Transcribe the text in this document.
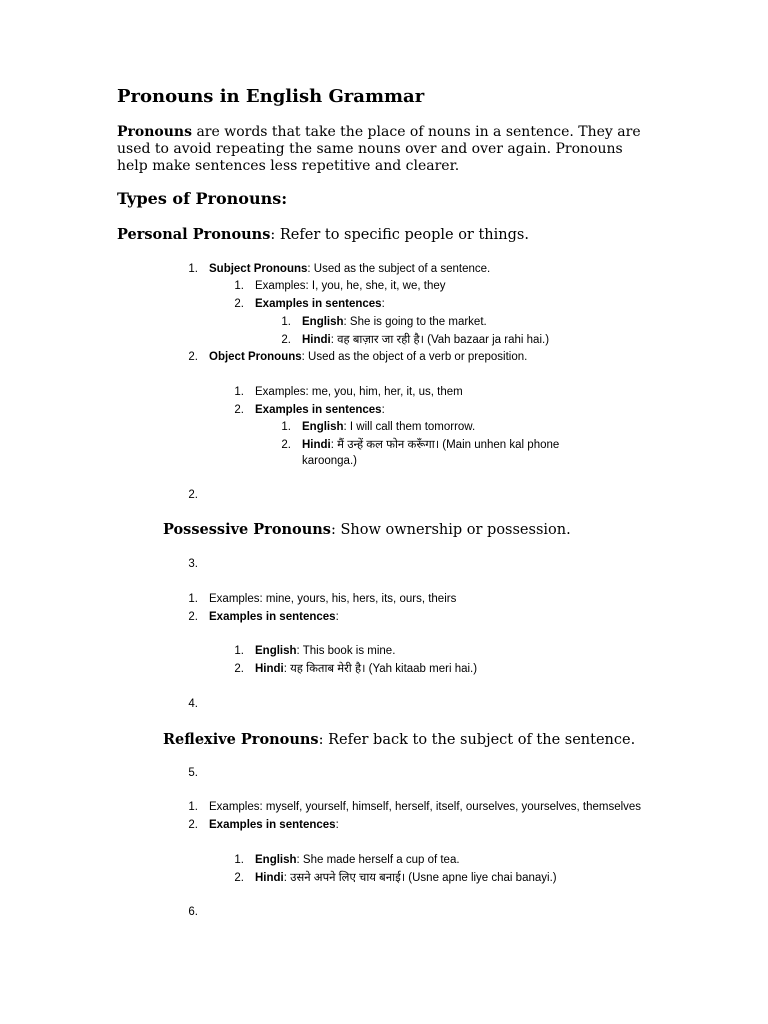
Pronouns in English Grammar

Pronouns are words that take the place of nouns in a sentence. They are used to avoid repeating the same nouns over and over again. Pronouns help make sentences less repetitive and clearer.

Types of Pronouns:
Personal Pronouns: Refer to specific people or things.
1. Subject Pronouns: Used as the subject of a sentence.
1. Examples: I, you, he, she, it, we, they
2. Examples in sentences:
1. English: She is going to the market.
2. Hindi: वह बाज़ार जा रही है। (Vah bazaar ja rahi hai.)
2. Object Pronouns: Used as the object of a verb or preposition.
1. Examples: me, you, him, her, it, us, them
2. Examples in sentences:
1. English: I will call them tomorrow.
2. Hindi: मैं उन्हें कल फोन करूँगा। (Main unhen kal phone
karoonga.)
2.
Possessive Pronouns: Show ownership or possession.
3.
1. Examples: mine, yours, his, hers, its, ours, theirs
2. Examples in sentences:
1. English: This book is mine.
2. Hindi: यह किताब मेरी है। (Yah kitaab meri hai.)
4.
Reflexive Pronouns: Refer back to the subject of the sentence.
5.
1. Examples: myself, yourself, himself, herself, itself, ourselves, yourselves, themselves
2. Examples in sentences:
1. English: She made herself a cup of tea.
2. Hindi: उसने अपने लिए चाय बनाई। (Usne apne liye chai banayi.)
6.
